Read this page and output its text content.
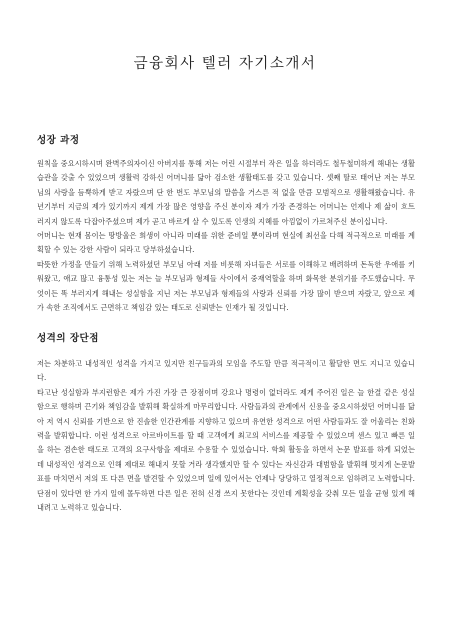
금융회사 텔러 자기소개서
성장 과정

원칙을 중요시하시며 완벽주의자이신 아버지를 통해 저는 어린 시절부터 작은 일을 하더라도 철두철미하게 해내는 생활 습관을 갖출 수 있었으며 생활력 강하신 어머니를 닮아 검소한 생활태도를 갖고 있습니다. 셋째 딸로 태어난 저는 부모님의 사랑을 듬뿍하게 받고 자랐으며 단 한 번도 부모님의 말씀을 거스른 적 없을 만큼 모범적으로 생활해왔습니다. 유년기부터 지금의 제가 있기까지 제게 가장 많은 영향을 주신 분이자 제가 가장 존경하는 어머니는 언제나 제 삶이 흐트러지지 않도록 다잡아주셨으며 제가 곧고 바르게 살 수 있도록 인생의 지혜를 아낌없이 가르쳐주신 분이십니다.

어머니는 현재 몸이는 땅방울은 희생이 아니라 미래를 위한 준비일 뿐이라며 현실에 최선을 다해 적극적으로 미래를 계획할 수 있는 강한 사람이 되라고 당부하셨습니다.

따뜻한 가정을 만들기 위해 노력하셨던 부모님 아래 저를 비롯해 자녀들은 서로를 이해하고 배려하며 돈독한 우애를 키워왔고, 애교 많고 융통성 있는 저는 늘 부모님과 형제들 사이에서 중재역할을 하며 화목한 분위기를 주도했습니다. 무엇이든 똑 부러지게 해내는 성실함을 지닌 저는 부모님과 형제들의 사랑과 신뢰를 가장 많이 받으며 자랐고, 앞으로 제가 속한 조직에서도 근면하고 책임감 있는 태도로 신뢰받는 인재가 될 것입니다.

성격의 장단점

저는 차분하고 내성적인 성격을 가지고 있지만 친구들과의 모임을 주도할 만큼 적극적이고 활달한 면도 지니고 있습니다.

타고난 성실함과 부지런함은 제가 가진 가장 큰 장점이며 강요나 명령이 없더라도 제게 주어진 일은 늘 한결 같은 성실함으로 행하며 끈기와 책임감을 발휘해 확실하게 마무리합니다. 사람들과의 관계에서 신용을 중요시하셨던 어머니를 닮아 저 역시 신뢰를 기반으로 한 진솔한 인간관계를 지향하고 있으며 유연한 성격으로 어떤 사람들과도 잘 어울리는 친화력을 발휘합니다. 이런 성격으로 아르바이트를 할 때 고객에게 최고의 서비스를 제공할 수 있었으며 센스 있고 빠른 일을 하는 겸손한 태도로 고객의 요구사항을 제대로 수용할 수 있었습니다. 학회 활동을 하면서 논문 발표를 하게 되었는데 내성적인 성격으로 인해 제대로 해내지 못할 거라 생각했지만 할 수 있다는 자신감과 대범함을 발휘해 멋지게 논문발표를 마치면서 저의 또 다른 면을 발견할 수 있었으며 일에 있어서는 언제나 당당하고 열정적으로 임하려고 노력합니다. 단점이 있다면 한 가지 일에 몰두하면 다른 일은 전혀 신경 쓰지 못한다는 것인데 계획성을 갖춰 모든 일을 균형 있게 해내려고 노력하고 있습니다.
